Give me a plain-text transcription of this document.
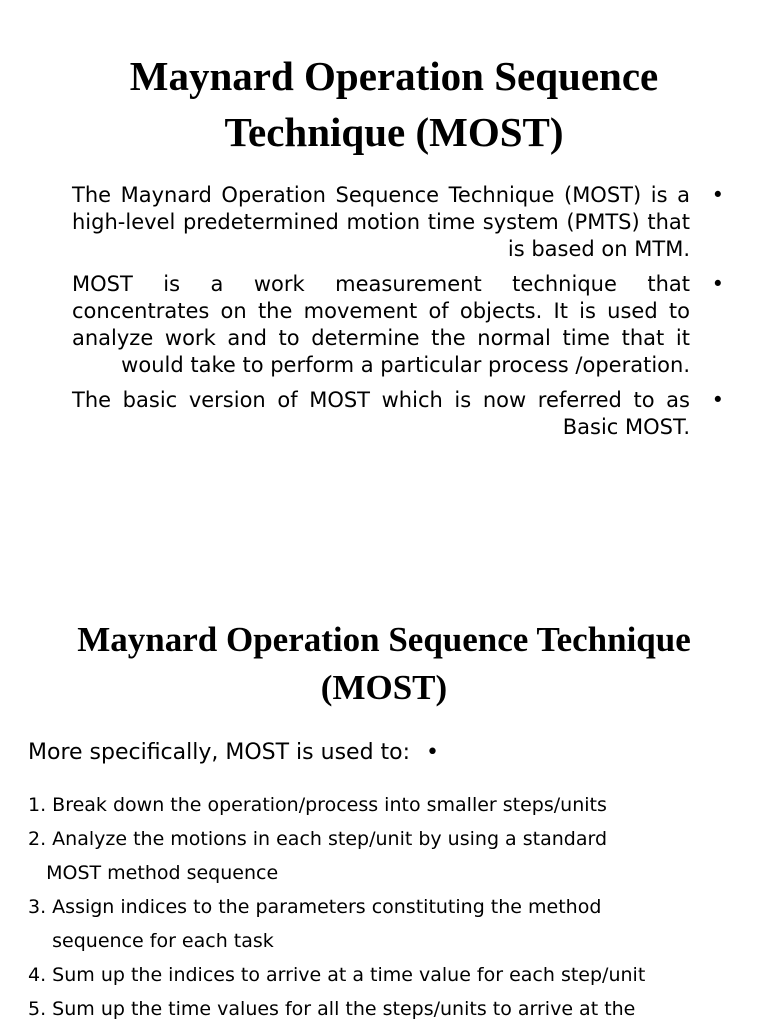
Maynard Operation Sequence
Technique (MOST)
The Maynard Operation Sequence Technique (MOST) is a high-level predetermined motion time system (PMTS) that is based on MTM.
•
MOST is a work measurement technique that concentrates on the movement of objects. It is used to analyze work and to determine the normal time that it would take to perform a particular process /operation.
•
The basic version of MOST which is now referred to as Basic MOST.
•
Maynard Operation Sequence Technique
(MOST)

More specifically, MOST is used to: •

1. Break down the operation/process into smaller steps/units
2. Analyze the motions in each step/unit by using a standard
MOST method sequence
3. Assign indices to the parameters constituting the method
sequence for each task
4. Sum up the indices to arrive at a time value for each step/unit
5. Sum up the time values for all the steps/units to arrive at the
